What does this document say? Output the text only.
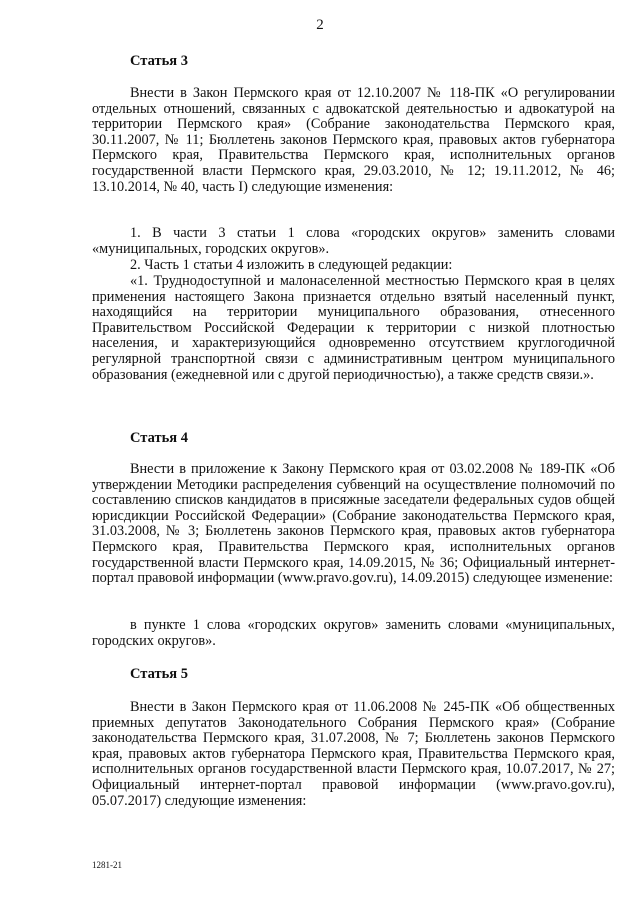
2
Статья 3

Внести в Закон Пермского края от 12.10.2007 № 118-ПК «О регулировании отдельных отношений, связанных с адвокатской деятельностью и адвокатурой на территории Пермского края» (Собрание законодательства Пермского края, 30.11.2007, № 11; Бюллетень законов Пермского края, правовых актов губернатора Пермского края, Правительства Пермского края, исполнительных органов государственной власти Пермского края, 29.03.2010, № 12; 19.11.2012, № 46; 13.10.2014, № 40, часть I) следующие изменения:

1. В части 3 статьи 1 слова «городских округов» заменить словами «муниципальных, городских округов».

2. Часть 1 статьи 4 изложить в следующей редакции:

«1. Труднодоступной и малонаселенной местностью Пермского края в целях применения настоящего Закона признается отдельно взятый населенный пункт, находящийся на территории муниципального образования, отнесенного Правительством Российской Федерации к территории с низкой плотностью населения, и характеризующийся одновременно отсутствием круглогодичной регулярной транспортной связи с административным центром муниципального образования (ежедневной или с другой периодичностью), а также средств связи.».

Статья 4

Внести в приложение к Закону Пермского края от 03.02.2008 № 189-ПК «Об утверждении Методики распределения субвенций на осуществление полномочий по составлению списков кандидатов в присяжные заседатели федеральных судов общей юрисдикции Российской Федерации» (Собрание законодательства Пермского края, 31.03.2008, № 3; Бюллетень законов Пермского края, правовых актов губернатора Пермского края, Правительства Пермского края, исполнительных органов государственной власти Пермского края, 14.09.2015, № 36; Официальный интернет-портал правовой информации (www.pravo.gov.ru), 14.09.2015) следующее изменение:

в пункте 1 слова «городских округов» заменить словами «муниципальных, городских округов».

Статья 5

Внести в Закон Пермского края от 11.06.2008 № 245-ПК «Об общественных приемных депутатов Законодательного Собрания Пермского края» (Собрание законодательства Пермского края, 31.07.2008, № 7; Бюллетень законов Пермского края, правовых актов губернатора Пермского края, Правительства Пермского края, исполнительных органов государственной власти Пермского края, 10.07.2017, № 27; Официальный интернет-портал правовой информации (www.pravo.gov.ru), 05.07.2017) следующие изменения:

1281-21
